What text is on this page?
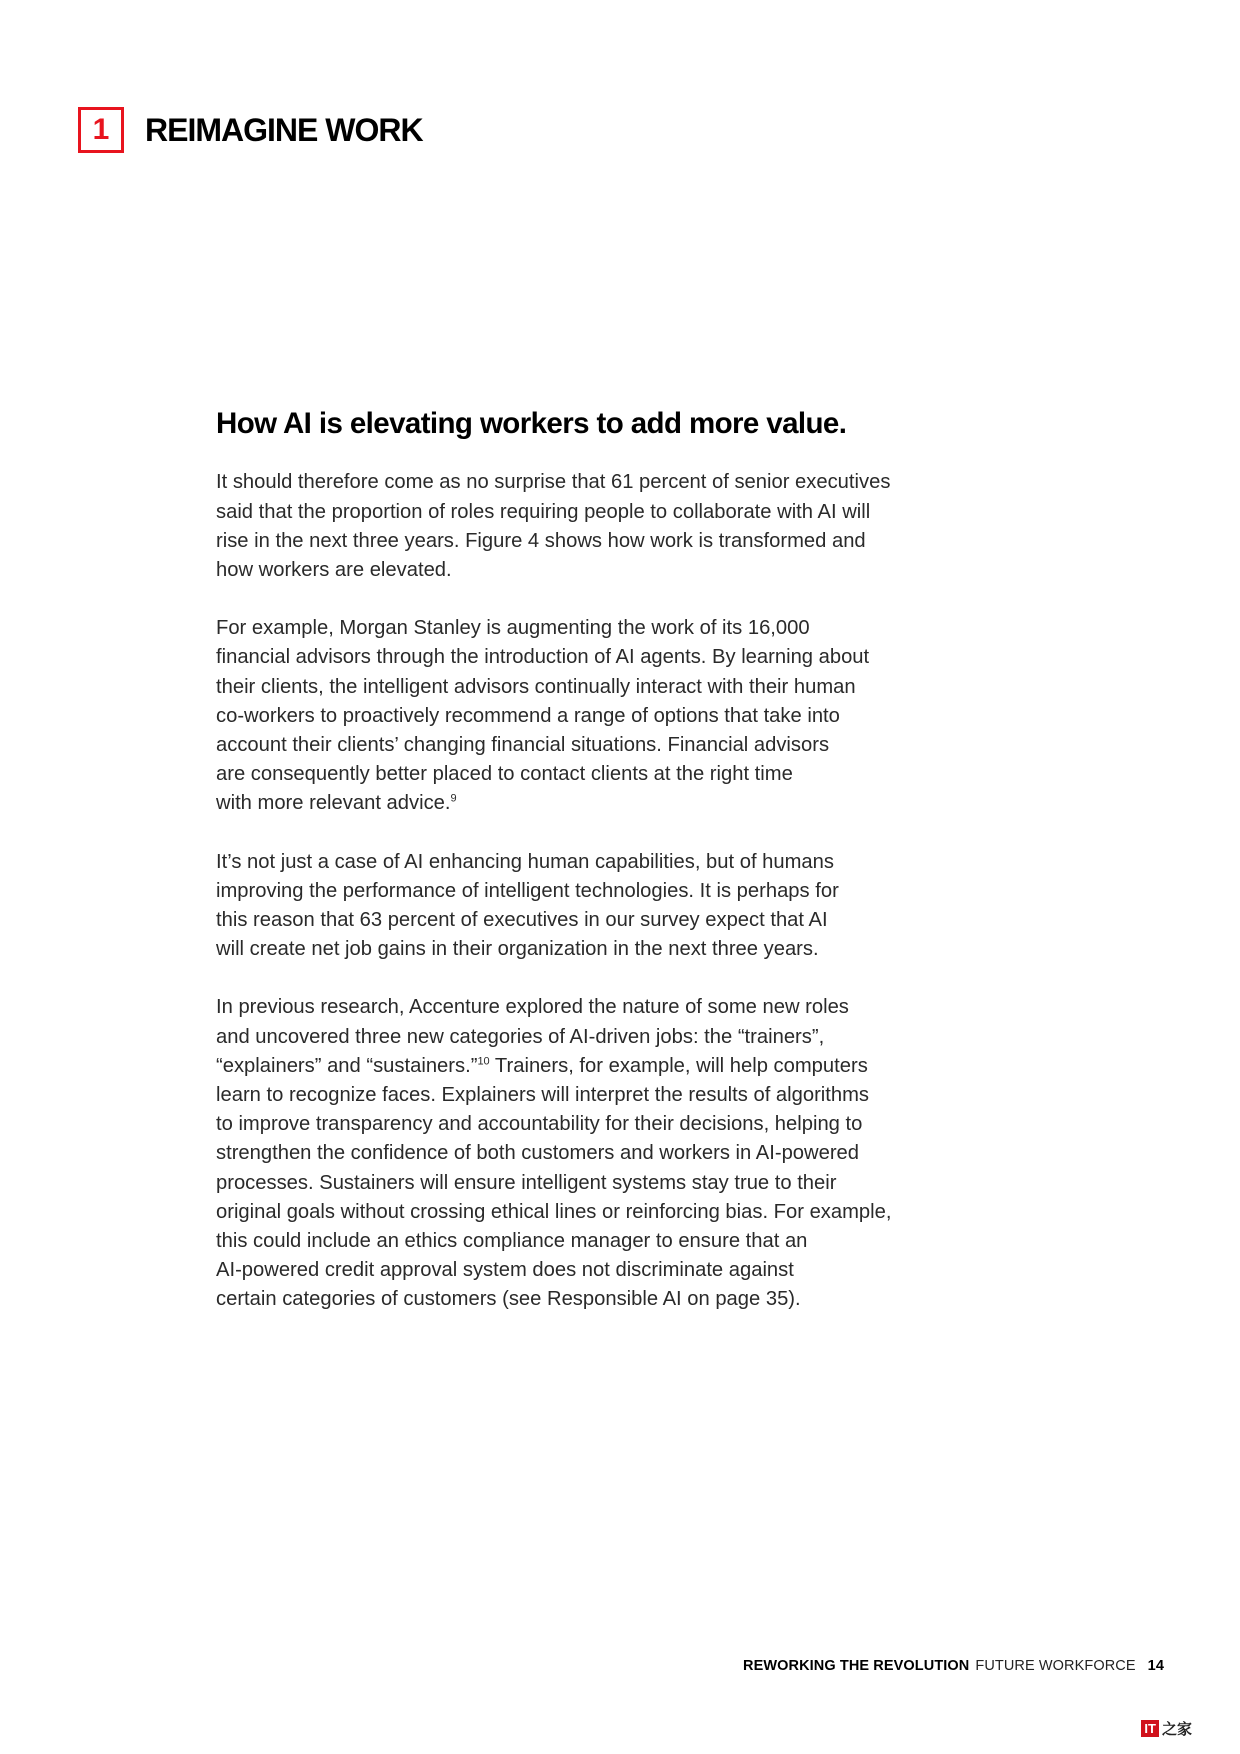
1	REIMAGINE WORK
How AI is elevating workers to add more value.

It should therefore come as no surprise that 61 percent of senior executives
said that the proportion of roles requiring people to collaborate with AI will
rise in the next three years. Figure 4 shows how work is transformed and
how workers are elevated.

For example, Morgan Stanley is augmenting the work of its 16,000
financial advisors through the introduction of AI agents. By learning about
their clients, the intelligent advisors continually interact with their human
co-workers to proactively recommend a range of options that take into
account their clients’ changing financial situations. Financial advisors
are consequently better placed to contact clients at the right time
with more relevant advice.$^9$

It’s not just a case of AI enhancing human capabilities, but of humans
improving the performance of intelligent technologies. It is perhaps for
this reason that 63 percent of executives in our survey expect that AI
will create net job gains in their organization in the next three years.

In previous research, Accenture explored the nature of some new roles
and uncovered three new categories of AI-driven jobs: the “trainers”,
“explainers” and “sustainers.”$^{10}$ Trainers, for example, will help computers
learn to recognize faces. Explainers will interpret the results of algorithms
to improve transparency and accountability for their decisions, helping to
strengthen the confidence of both customers and workers in AI-powered
processes. Sustainers will ensure intelligent systems stay true to their
original goals without crossing ethical lines or reinforcing bias. For example,
this could include an ethics compliance manager to ensure that an
AI-powered credit approval system does not discriminate against
certain categories of customers (see Responsible AI on page 35).

REWORKING THE REVOLUTION FUTURE WORKFORCE 14
IT 之家
